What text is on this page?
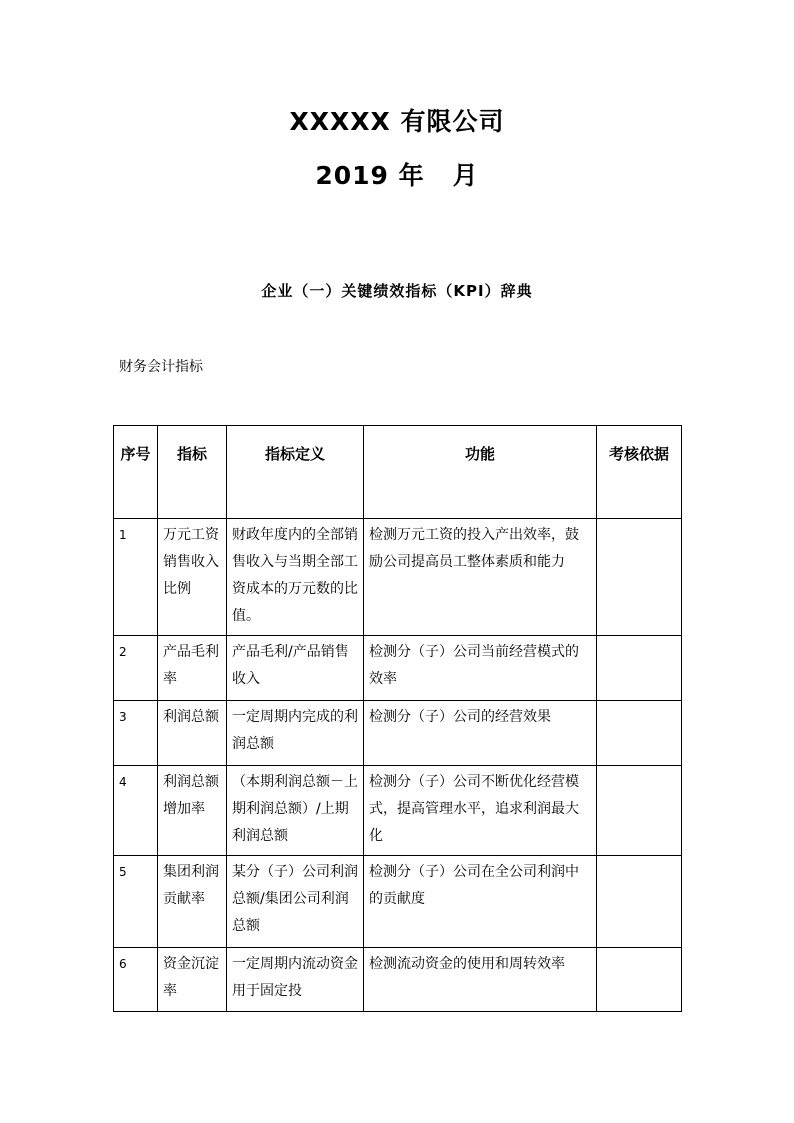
XXXXX 有限公司
2019 年 月
企业（一）关键绩效指标（KPI）辞典
财务会计指标
序号	指标	指标定义	功能	考核依据
1	万元工资销售收入比例	财政年度内的全部销售收入与当期全部工资成本的万元数的比值。	检测万元工资的投入产出效率，鼓励公司提高员工整体素质和能力	
2	产品毛利率	产品毛利/产品销售收入	检测分（子）公司当前经营模式的效率	
3	利润总额	一定周期内完成的利润总额	检测分（子）公司的经营效果	
4	利润总额增加率	（本期利润总额－上期利润总额）/上期利润总额	检测分（子）公司不断优化经营模式，提高管理水平，追求利润最大化	
5	集团利润贡献率	某分（子）公司利润总额/集团公司利润总额	检测分（子）公司在全公司利润中的贡献度	
6	资金沉淀率	一定周期内流动资金用于固定投	检测流动资金的使用和周转效率	
